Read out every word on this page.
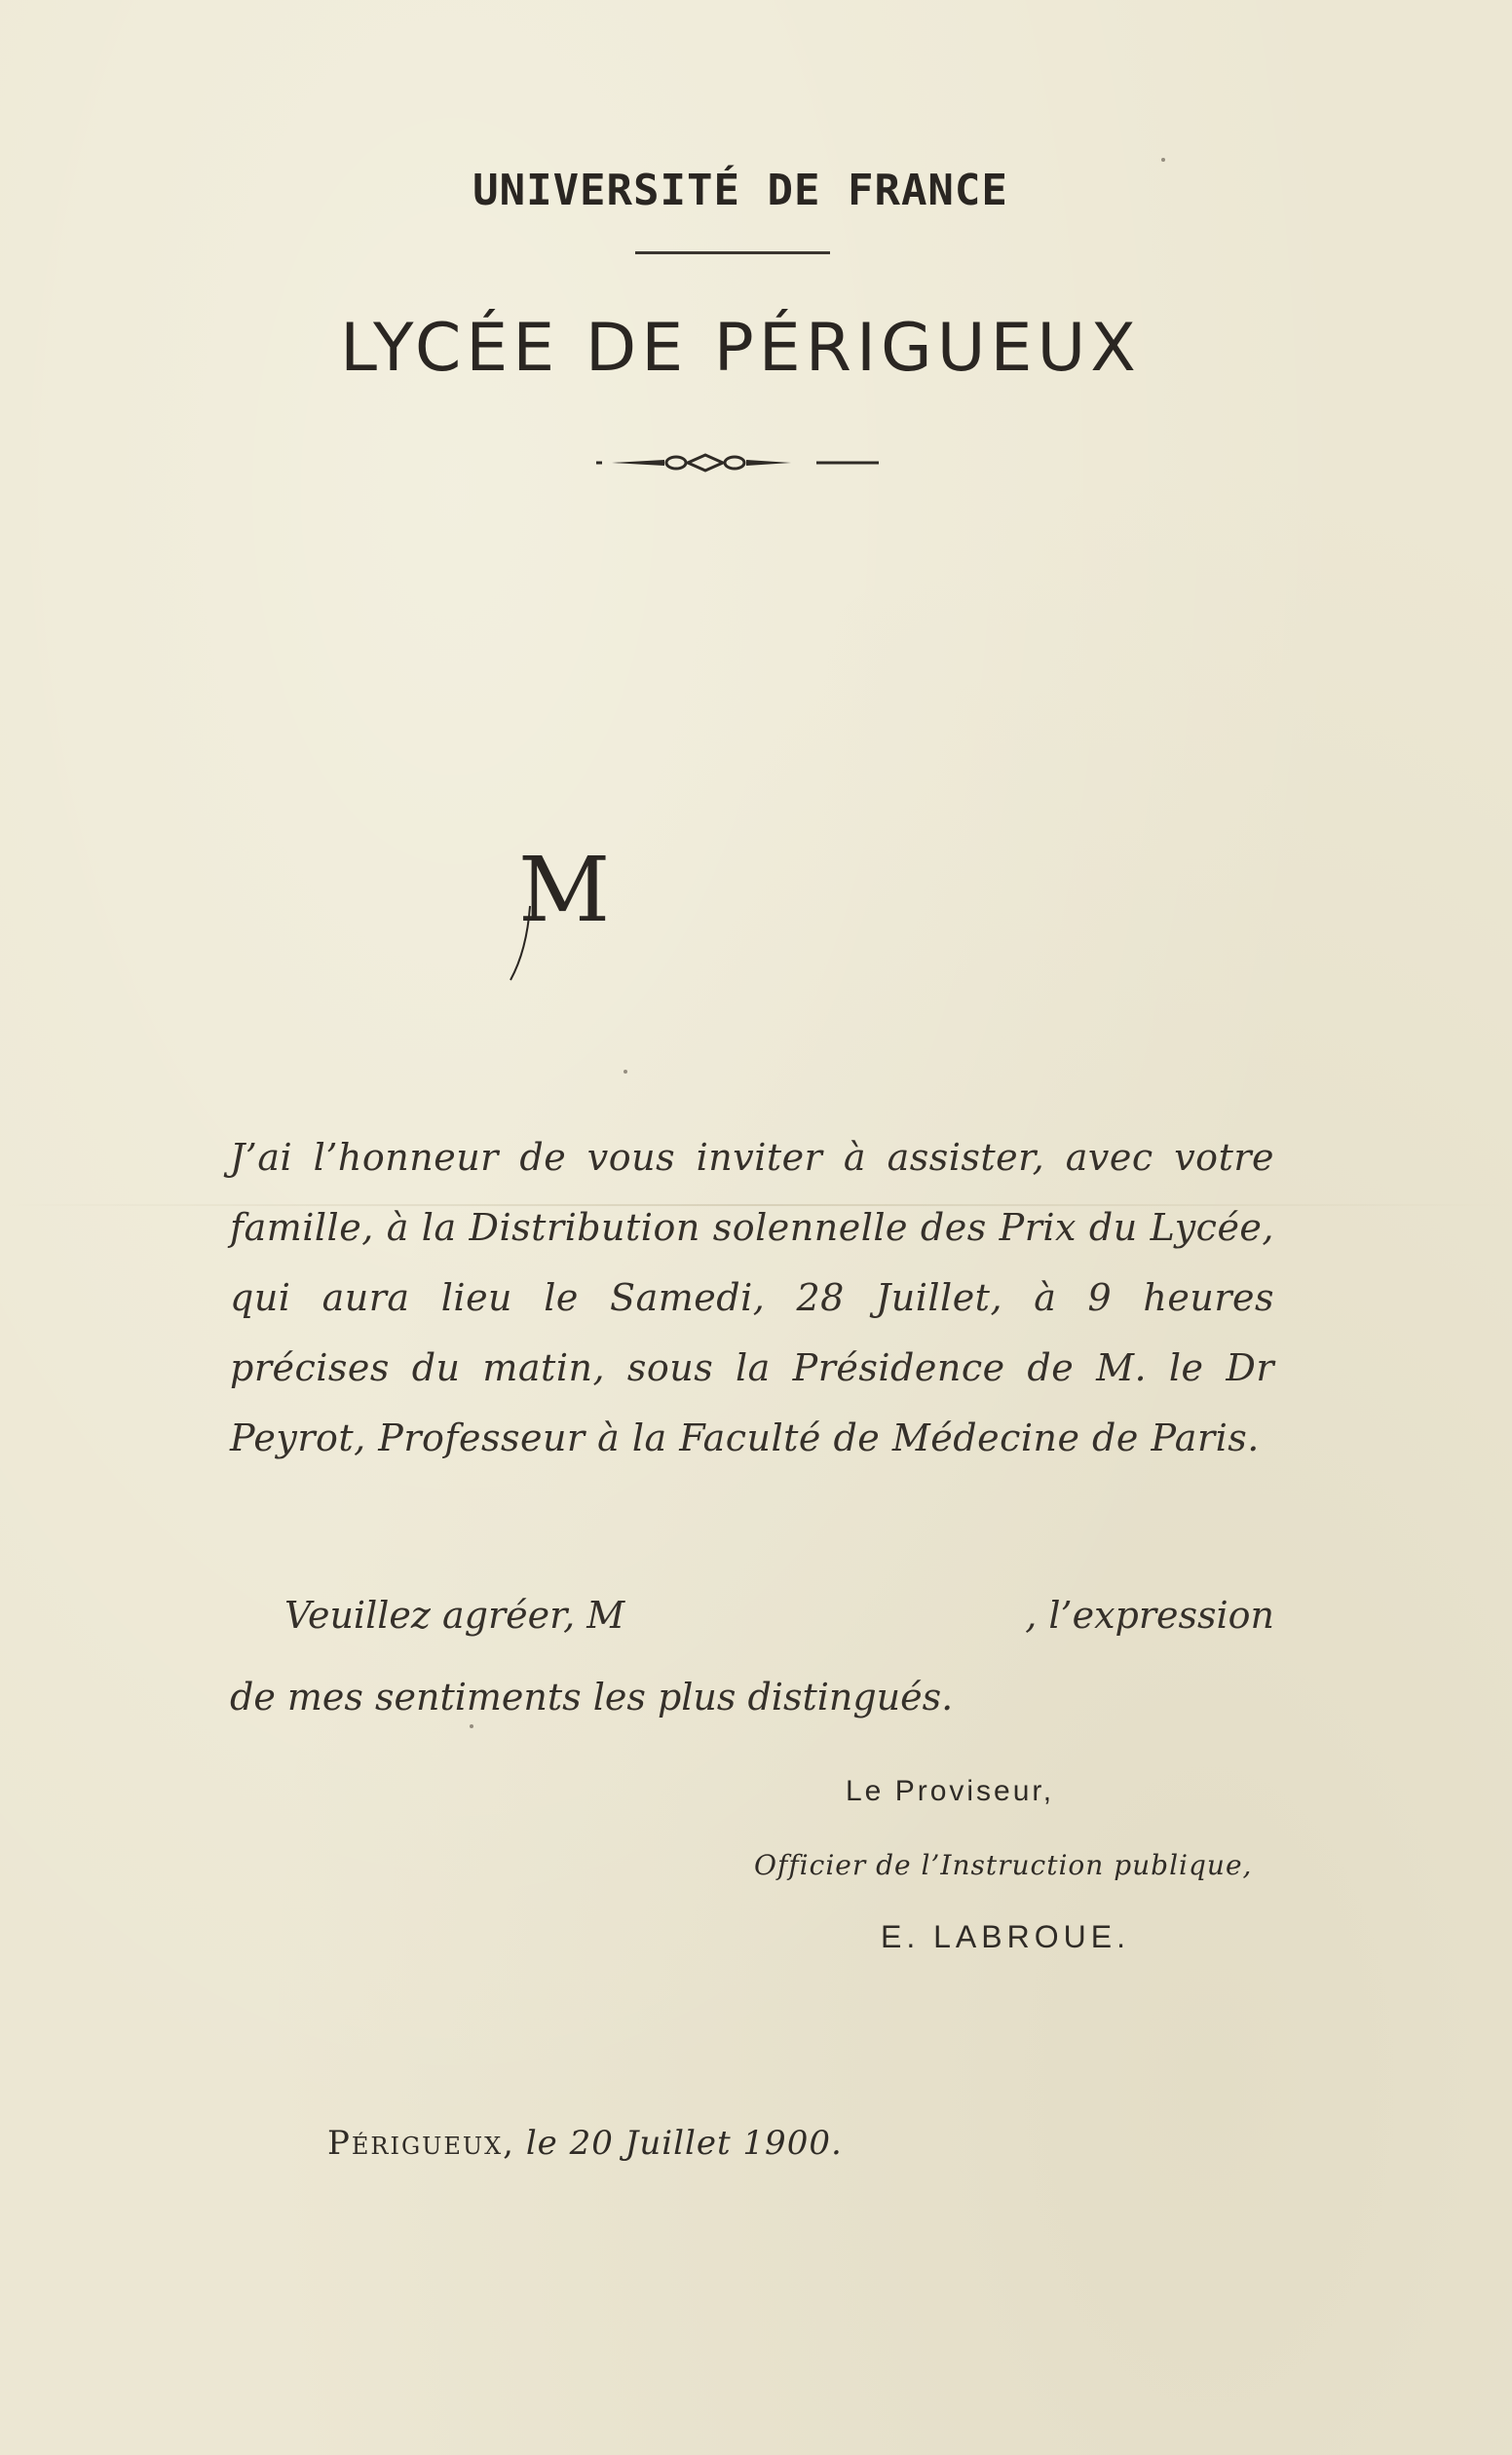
UNIVERSITÉ DE FRANCE
LYCÉE DE PÉRIGUEUX
M
J’ai l’honneur de vous inviter à assister, avec votre famille, à la Distribution solennelle des Prix du Lycée, qui aura lieu le Samedi, 28 Juillet, à 9 heures précises du matin, sous la Présidence de M. le Dr Peyrot, Professeur à la Faculté de Médecine de Paris.
Veuillez agréer, M	, l’expression
de mes sentiments les plus distingués.
Le Proviseur,
Officier de l’Instruction publique,
E. LABROUE.
Périgueux, le 20 Juillet 1900.
